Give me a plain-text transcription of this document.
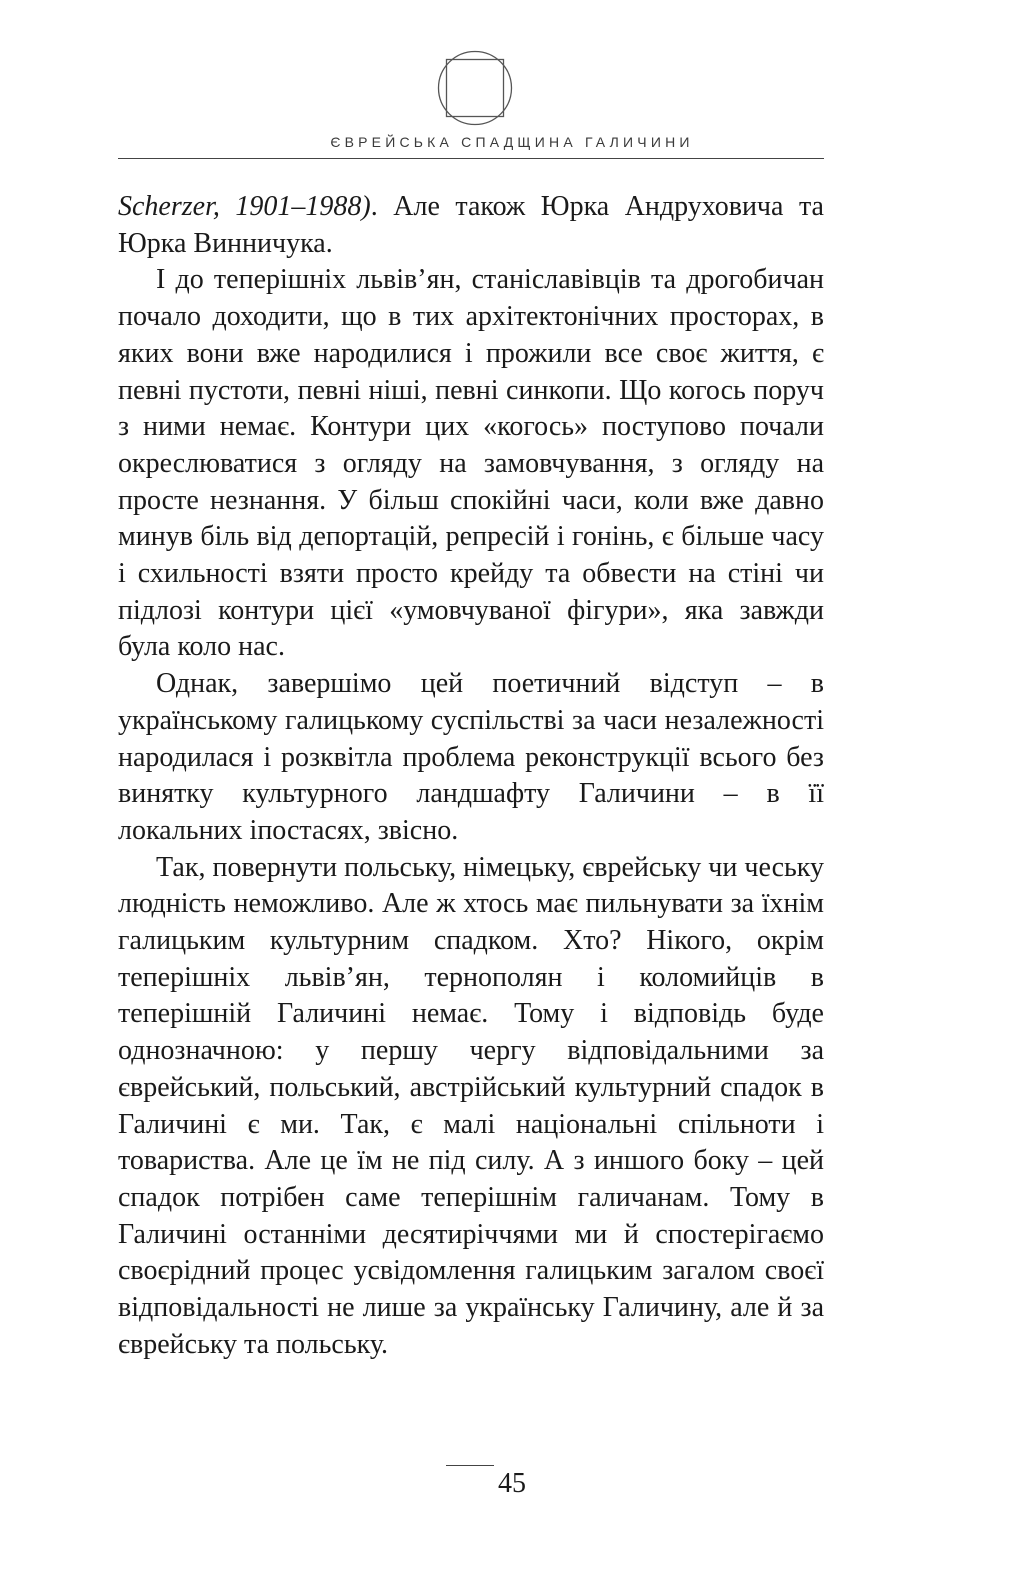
ЄВРЕЙСЬКА СПАДЩИНА ГАЛИЧИНИ

Scherzer, 1901–1988). Але також Юрка Андруховича та Юрка Винничука.

І до теперішніх львів’ян, станіславівців та дрогобичан почало доходити, що в тих архітектонічних просторах, в яких вони вже народилися і прожили все своє життя, є певні пустоти, певні ніші, певні синкопи. Що когось поруч з ними немає. Контури цих «когось» поступово почали окреслюватися з огляду на замовчування, з огляду на просте незнання. У більш спокійні часи, коли вже давно минув біль від депортацій, репресій і гонінь, є більше часу і схильності взяти просто крейду та обвести на стіні чи підлозі контури цієї «умовчуваної фігури», яка завжди була коло нас.

Однак, завершімо цей поетичний відступ – в українському галицькому суспільстві за часи незалежності народилася і розквітла проблема реконструкції всього без винятку культурного ландшафту Галичини – в її локальних іпостасях, звісно.

Так, повернути польську, німецьку, єврейську чи чеську людність неможливо. Але ж хтось має пильнувати за їхнім галицьким культурним спадком. Хто? Нікого, окрім теперішніх львів’ян, тернополян і коломийців в теперішній Галичині немає. Тому і відповідь буде однозначною: у першу чергу відповідальними за єврейський, польський, австрійський культурний спадок в Галичині є ми. Так, є малі національні спільноти і товариства. Але це їм не під силу. А з иншого боку – цей спадок потрібен саме теперішнім галичанам. Тому в Галичині останніми десятиріччями ми й спостерігаємо своєрідний процес усвідомлення галицьким загалом своєї відповідальності не лише за українську Галичину, але й за єврейську та польську.

45
